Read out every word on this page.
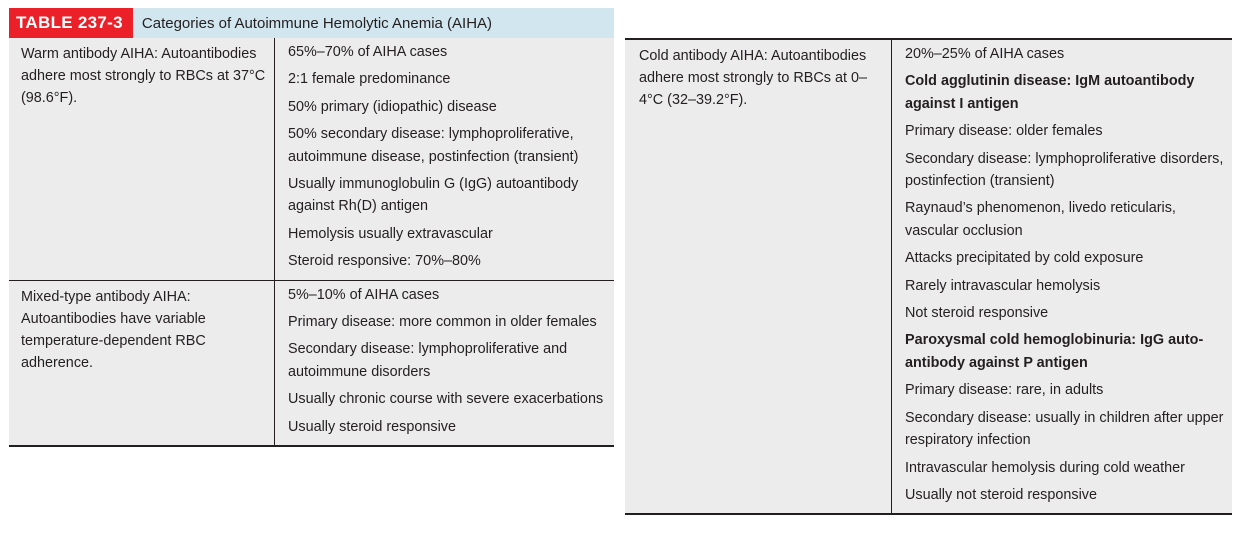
TABLE 237-3	Categories of Autoimmune Hemolytic Anemia (AIHA)
Warm antibody AIHA: Autoantibodies adhere most strongly to RBCs at 37°C (98.6°F).
65%–70% of AIHA cases
2:1 female predominance
50% primary (idiopathic) disease
50% secondary disease: lymphoproliferative, autoimmune disease, postinfection (transient)
Usually immunoglobulin G (IgG) autoantibody against Rh(D) antigen
Hemolysis usually extravascular
Steroid responsive: 70%–80%
Mixed-type antibody AIHA: Autoantibodies have variable temperature-dependent RBC adherence.
5%–10% of AIHA cases
Primary disease: more common in older females
Secondary disease: lymphoproliferative and autoimmune disorders
Usually chronic course with severe exacerbations
Usually steroid responsive
Cold antibody AIHA: Autoantibodies adhere most strongly to RBCs at 0–4°C (32–39.2°F).
20%–25% of AIHA cases
Cold agglutinin disease: IgM autoantibody against I antigen
Primary disease: older females
Secondary disease: lymphoproliferative disorders, postinfection (transient)
Raynaud’s phenomenon, livedo reticularis, vascular occlusion
Attacks precipitated by cold exposure
Rarely intravascular hemolysis
Not steroid responsive
Paroxysmal cold hemoglobinuria: IgG auto-antibody against P antigen
Primary disease: rare, in adults
Secondary disease: usually in children after upper respiratory infection
Intravascular hemolysis during cold weather
Usually not steroid responsive
